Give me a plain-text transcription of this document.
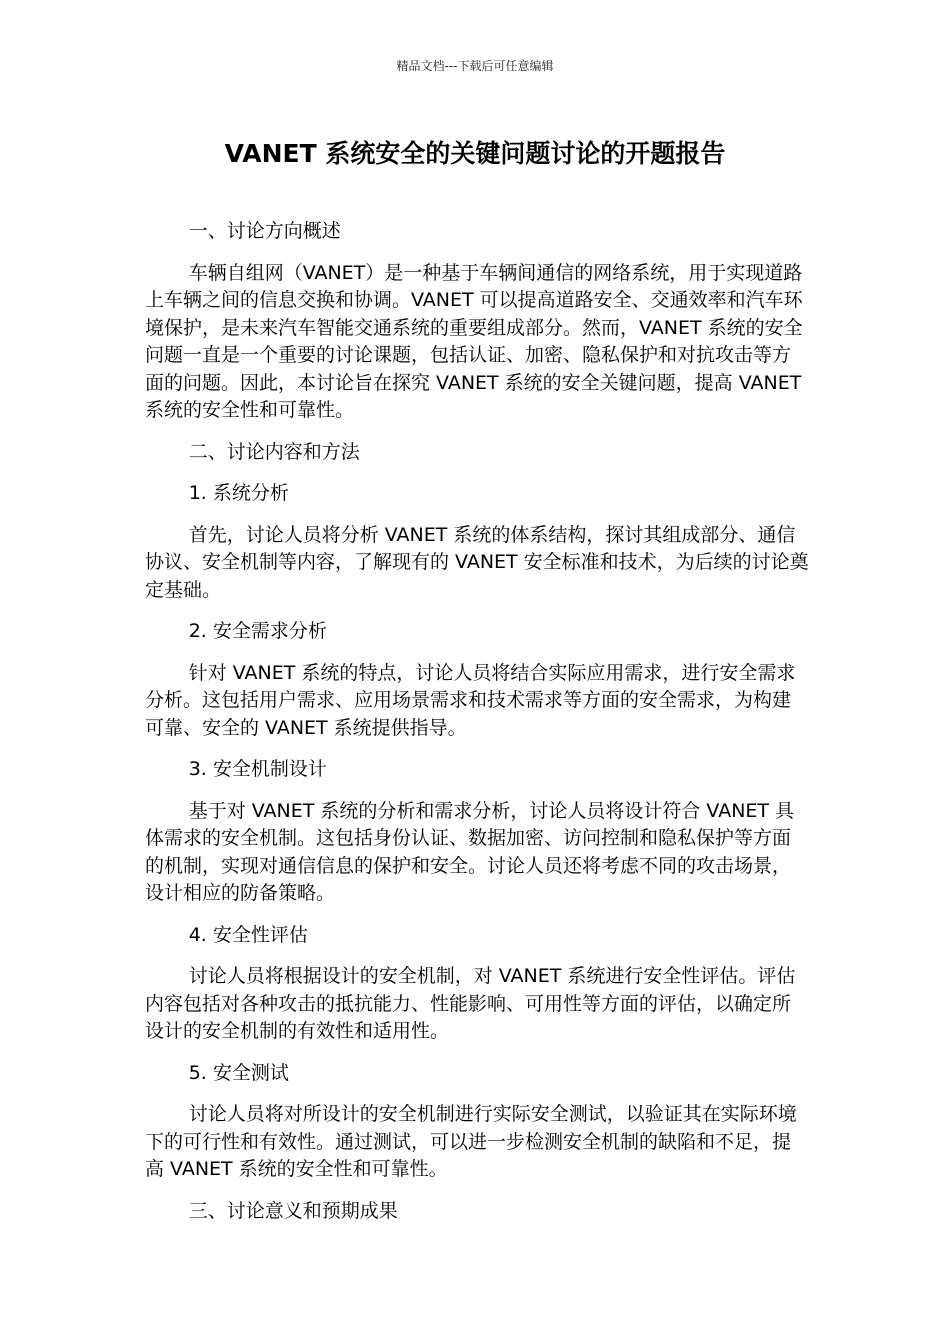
精品文档---下载后可任意编辑
VANET 系统安全的关键问题讨论的开题报告

一、讨论方向概述

车辆自组网（VANET）是一种基于车辆间通信的网络系统，用于实现道路上车辆之间的信息交换和协调。VANET 可以提高道路安全、交通效率和汽车环境保护，是未来汽车智能交通系统的重要组成部分。然而，VANET 系统的安全问题一直是一个重要的讨论课题，包括认证、加密、隐私保护和对抗攻击等方面的问题。因此，本讨论旨在探究 VANET 系统的安全关键问题，提高 VANET 系统的安全性和可靠性。

二、讨论内容和方法

1. 系统分析

首先，讨论人员将分析 VANET 系统的体系结构，探讨其组成部分、通信协议、安全机制等内容，了解现有的 VANET 安全标准和技术，为后续的讨论奠定基础。

2. 安全需求分析

针对 VANET 系统的特点，讨论人员将结合实际应用需求，进行安全需求分析。这包括用户需求、应用场景需求和技术需求等方面的安全需求，为构建可靠、安全的 VANET 系统提供指导。

3. 安全机制设计

基于对 VANET 系统的分析和需求分析，讨论人员将设计符合 VANET 具体需求的安全机制。这包括身份认证、数据加密、访问控制和隐私保护等方面的机制，实现对通信信息的保护和安全。讨论人员还将考虑不同的攻击场景，设计相应的防备策略。

4. 安全性评估

讨论人员将根据设计的安全机制，对 VANET 系统进行安全性评估。评估内容包括对各种攻击的抵抗能力、性能影响、可用性等方面的评估，以确定所设计的安全机制的有效性和适用性。

5. 安全测试

讨论人员将对所设计的安全机制进行实际安全测试，以验证其在实际环境下的可行性和有效性。通过测试，可以进一步检测安全机制的缺陷和不足，提高 VANET 系统的安全性和可靠性。

三、讨论意义和预期成果
